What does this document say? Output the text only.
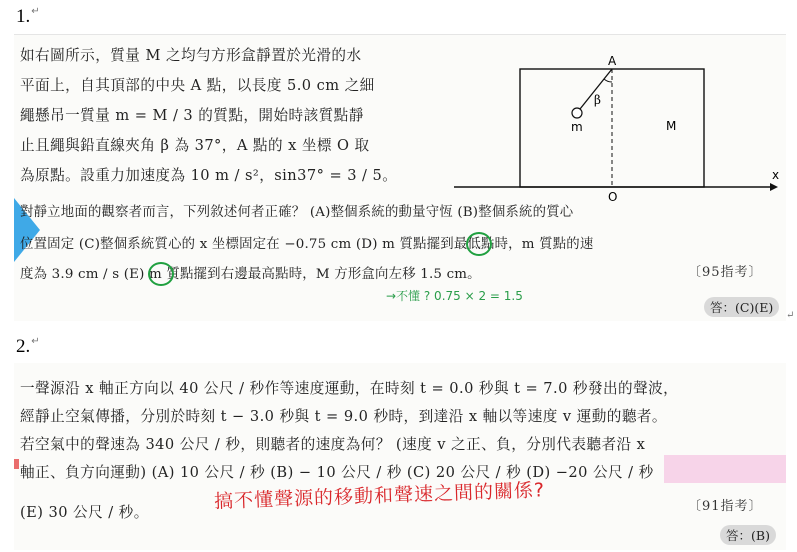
1.↵
如右圖所示，質量 M 之均勻方形盒靜置於光滑的水
平面上，自其頂部的中央 A 點，以長度 5.0 cm 之細
繩懸吊一質量 m = M / 3 的質點，開始時該質點靜
止且繩與鉛直線夾角 β 為 37°，A 點的 x 坐標 O 取
為原點。設重力加速度為 10 m / s²，sin37° = 3 / 5。
對靜立地面的觀察者而言，下列敘述何者正確？ (A)整個系統的動量守恆 (B)整個系統的質心
位置固定 (C)整個系統質心的 x 坐標固定在 −0.75 cm (D) m 質點擺到最低點時，m 質點的速
度為 3.9 cm / s (E) m 質點擺到右邊最高點時，M 方形盒向左移 1.5 cm。	〔95指考〕
→不懂 ? 0.75 × 2 = 1.5
答：(C)(E)
A
β
m	M
O
x
↵
2.↵
一聲源沿 x 軸正方向以 40 公尺 / 秒作等速度運動，在時刻 t = 0.0 秒與 t = 7.0 秒發出的聲波，
經靜止空氣傳播，分別於時刻 t − 3.0 秒與 t = 9.0 秒時，到達沿 x 軸以等速度 v 運動的聽者。
若空氣中的聲速為 340 公尺 / 秒，則聽者的速度為何？ (速度 v 之正、負，分別代表聽者沿 x
軸正、負方向運動) (A) 10 公尺 / 秒 (B) − 10 公尺 / 秒 (C) 20 公尺 / 秒 (D) −20 公尺 / 秒
(E) 30 公尺 / 秒。	搞不懂聲源的移動和聲速之間的關係?	〔91指考〕
答：(B)
